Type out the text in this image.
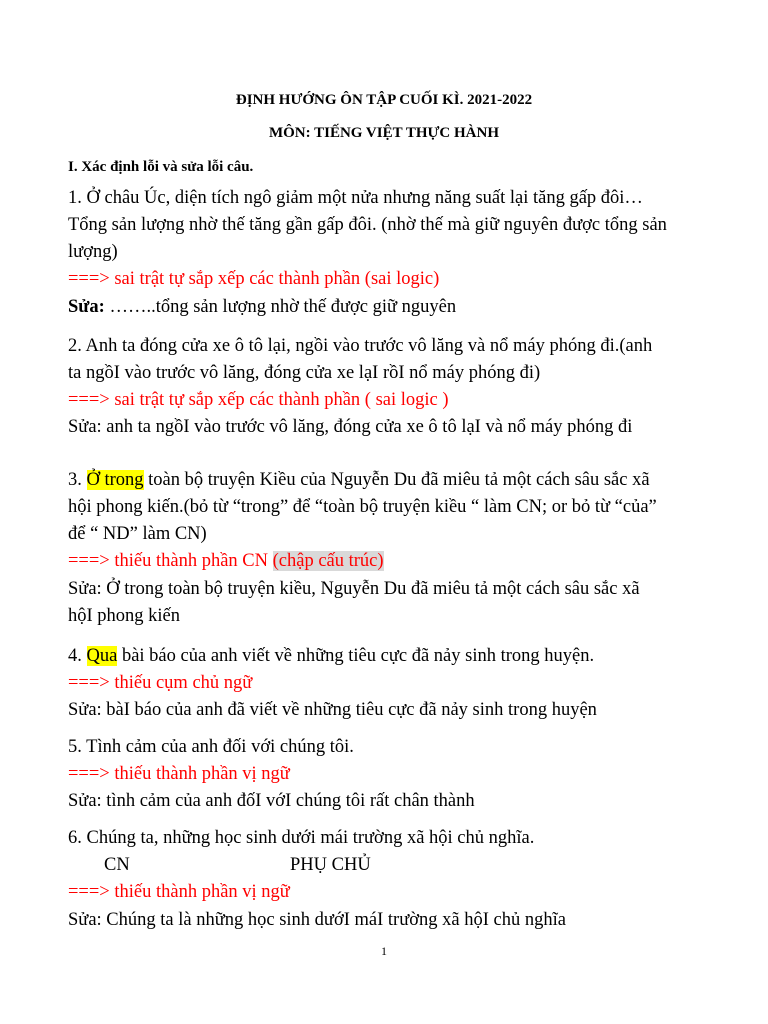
ĐỊNH HƯỚNG ÔN TẬP CUỐI KÌ. 2021-2022
MÔN: TIẾNG VIỆT THỰC HÀNH
I. Xác định lỗi và sửa lỗi câu.
1. Ở châu Úc, diện tích ngô giảm một nửa nhưng năng suất lại tăng gấp đôi…
Tổng sản lượng nhờ thế tăng gần gấp đôi. (nhờ thế mà giữ nguyên được tổng sản
lượng)
===> sai trật tự sắp xếp các thành phần (sai logic)
Sửa: ……..tổng sản lượng nhờ thế được giữ nguyên
2. Anh ta đóng cửa xe ô tô lại, ngồi vào trước vô lăng và nổ máy phóng đi.(anh
ta ngồI vào trước vô lăng, đóng cửa xe lạI rồI nổ máy phóng đi)
===> sai trật tự sắp xếp các thành phần ( sai logic )
Sửa: anh ta ngồI vào trước vô lăng, đóng cửa xe ô tô lạI và nổ máy phóng đi
3. Ở trong toàn bộ truyện Kiều của Nguyễn Du đã miêu tả một cách sâu sắc xã
hội phong kiến.(bỏ từ “trong” để “toàn bộ truyện kiều “ làm CN; or bỏ từ “của”
để “ ND” làm CN)
===> thiếu thành phần CN (chập cấu trúc)
Sửa: Ở trong toàn bộ truyện kiều, Nguyễn Du đã miêu tả một cách sâu sắc xã
hộI phong kiến
4. Qua bài báo của anh viết về những tiêu cực đã nảy sinh trong huyện.
===> thiếu cụm chủ ngữ
Sửa: bàI báo của anh đã viết về những tiêu cực đã nảy sinh trong huyện
5. Tình cảm của anh đối với chúng tôi.
===> thiếu thành phần vị ngữ
Sửa: tình cảm của anh đốI vớI chúng tôi rất chân thành
6. Chúng ta, những học sinh dưới mái trường xã hội chủ nghĩa.
CN	PHỤ CHỦ
===> thiếu thành phần vị ngữ
Sửa: Chúng ta là những học sinh dướI máI trường xã hộI chủ nghĩa
1
